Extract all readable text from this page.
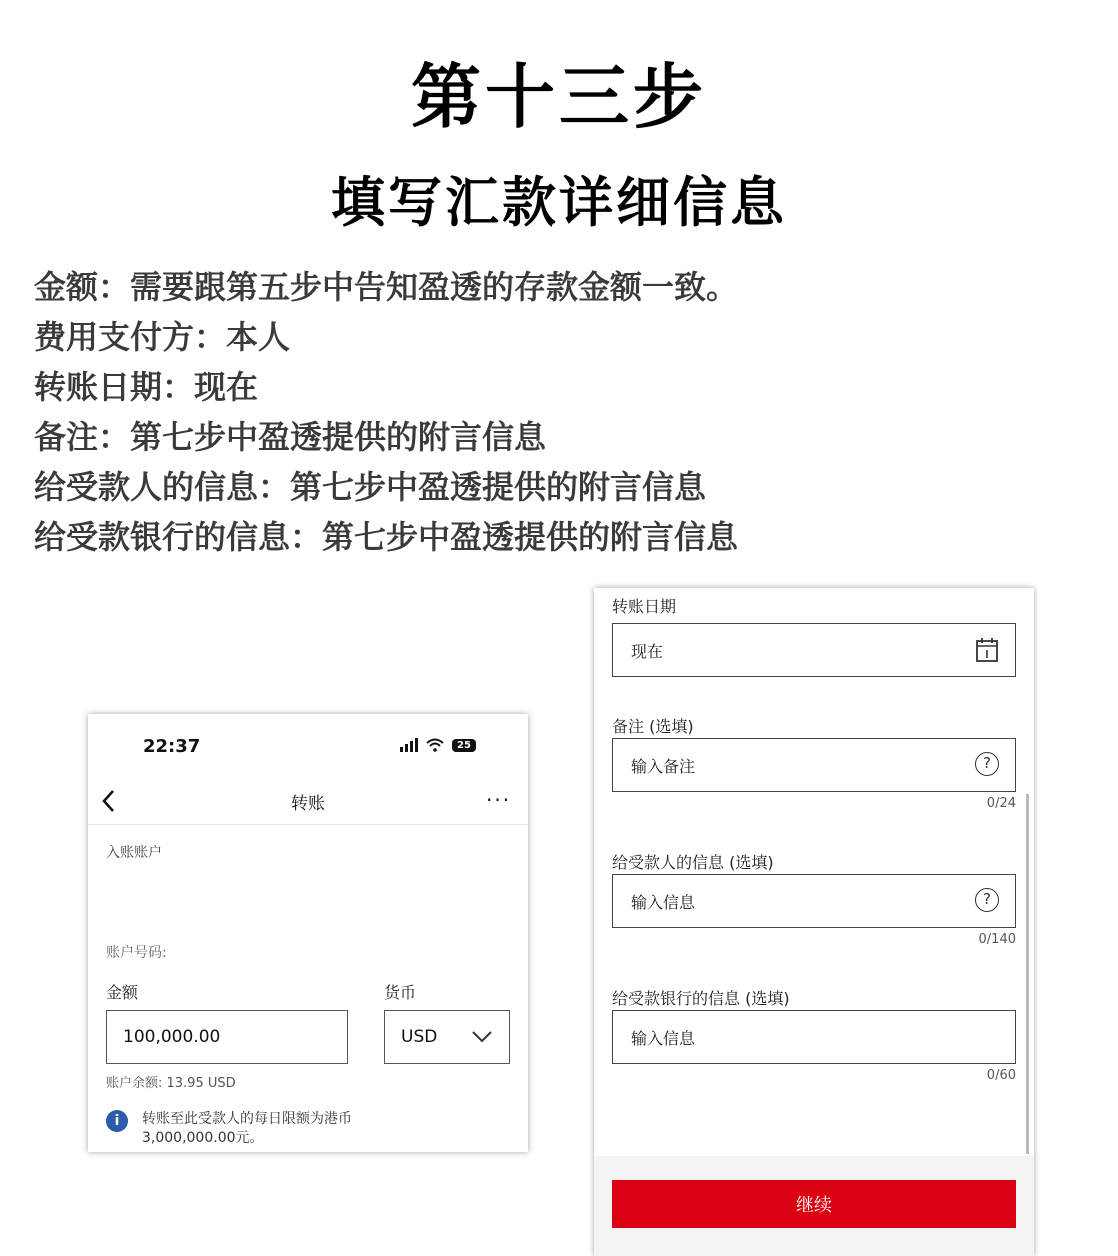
第十三步
填写汇款详细信息
金额：需要跟第五步中告知盈透的存款金额一致。
费用支付方：本人
转账日期：现在
备注：第七步中盈透提供的附言信息
给受款人的信息：第七步中盈透提供的附言信息
给受款银行的信息：第七步中盈透提供的附言信息
22:37	25
转账	···
入账账户
账户号码:
金额	货币
100,000.00	USD
账户余额: 13.95 USD
i	转账至此受款人的每日限额为港币3,000,000.00元。
转账日期
现在
备注 (选填)
输入备注	?
0/24
给受款人的信息 (选填)
输入信息	?
0/140
给受款银行的信息 (选填)
输入信息
0/60
继续
